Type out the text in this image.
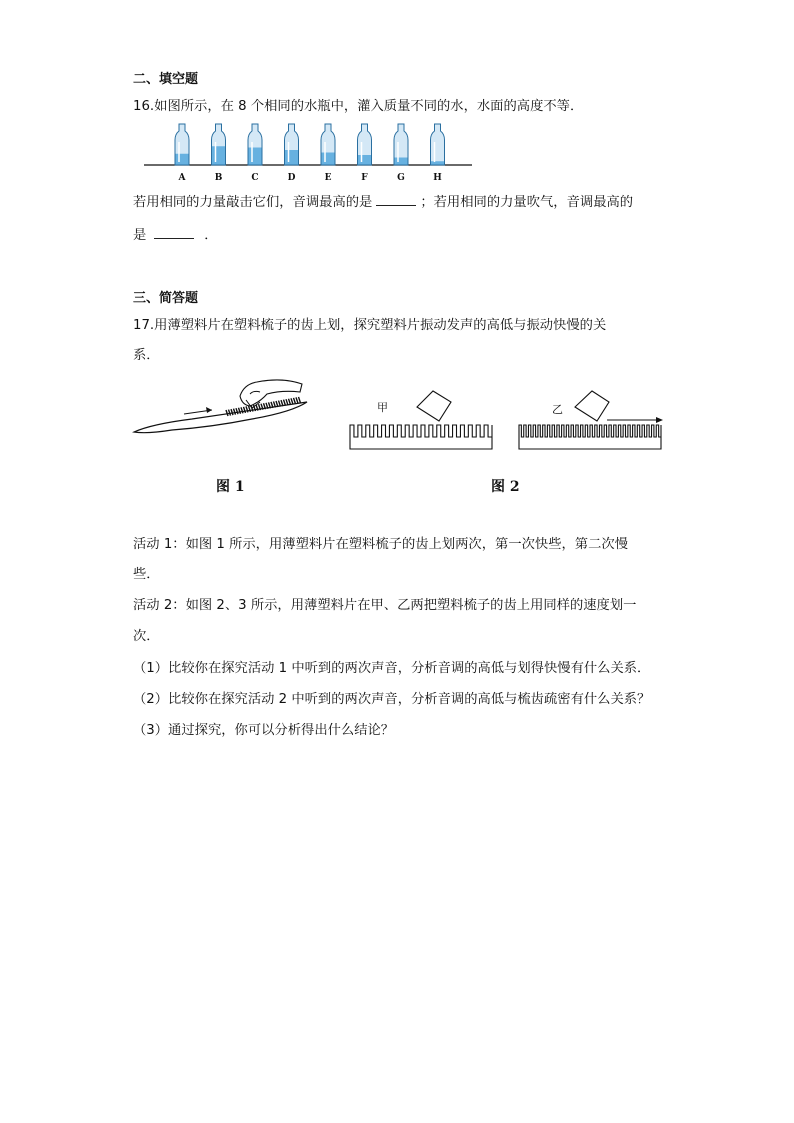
二、填空题
16.如图所示，在 8 个相同的水瓶中，灌入质量不同的水，水面的高度不等．
A	B	C	D	E	F	G	H
若用相同的力量敲击它们，音调最高的是	；若用相同的力量吹气，音调最高的
是	．
三、简答题
17.用薄塑料片在塑料梳子的齿上划，探究塑料片振动发声的高低与振动快慢的关
系．
甲	乙
图 1	图 2
活动 1：如图 1 所示，用薄塑料片在塑料梳子的齿上划两次，第一次快些，第二次慢
些．
活动 2：如图 2、3 所示，用薄塑料片在甲、乙两把塑料梳子的齿上用同样的速度划一
次．
（1）比较你在探究活动 1 中听到的两次声音，分析音调的高低与划得快慢有什么关系．
（2）比较你在探究活动 2 中听到的两次声音，分析音调的高低与梳齿疏密有什么关系？
（3）通过探究，你可以分析得出什么结论？
